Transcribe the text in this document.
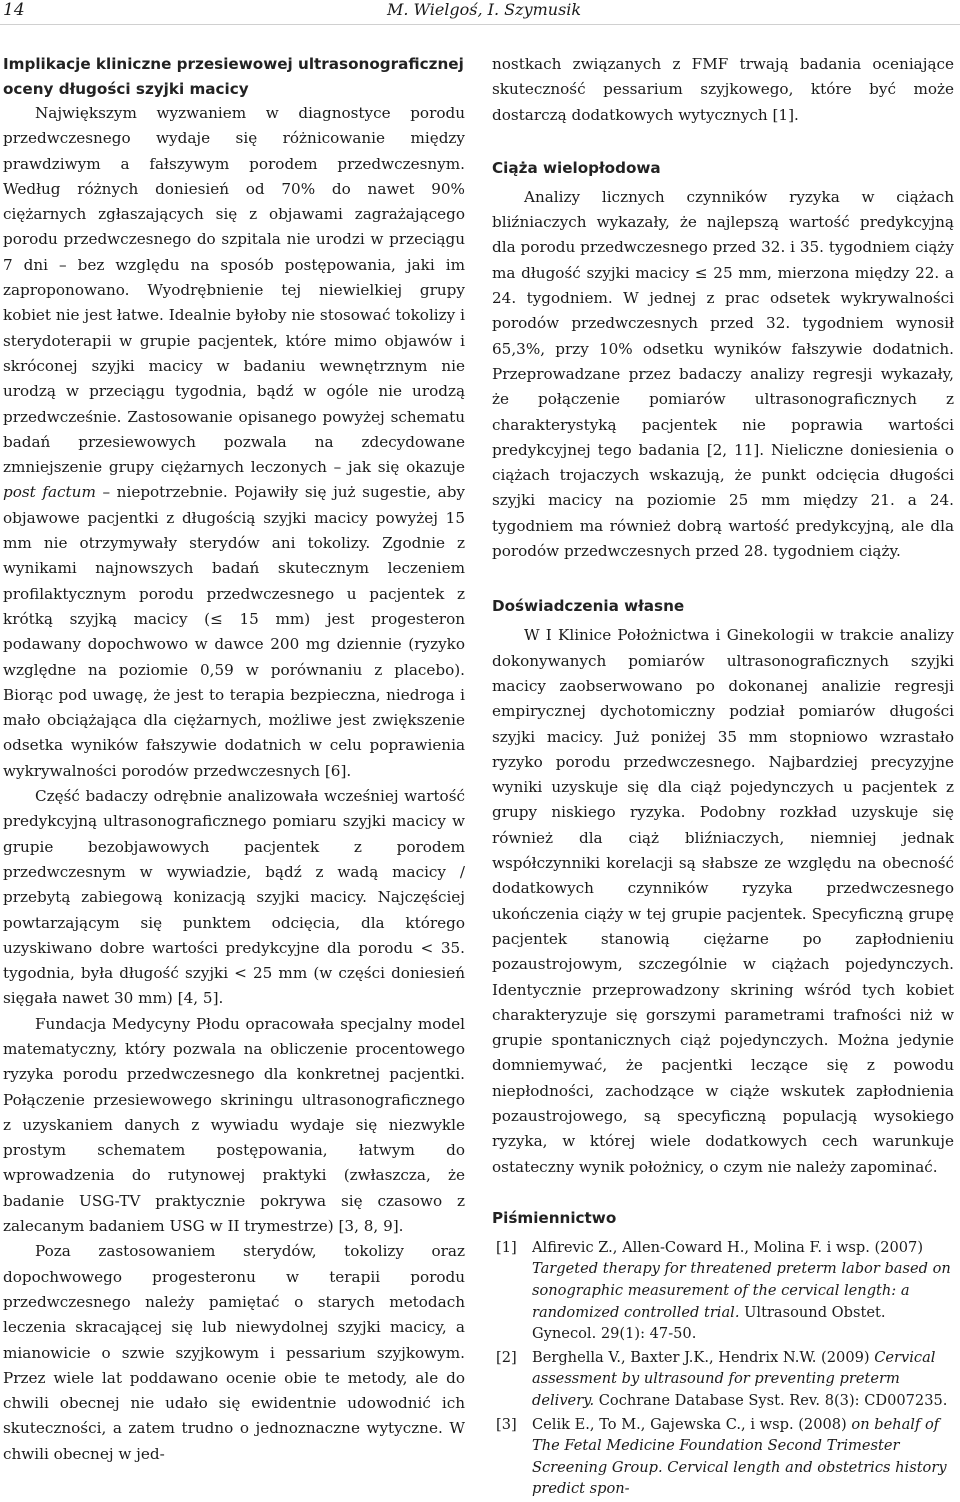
14	M. Wielgoś, I. Szymusik
Implikacje kliniczne przesiewowej ultrasonograficznej oceny długości szyjki macicy

Największym wyzwaniem w diagnostyce porodu przedwczesnego wydaje się różnicowanie między prawdziwym a fałszywym porodem przedwczesnym. Według różnych doniesień od 70% do nawet 90% ciężarnych zgłaszających się z objawami zagrażającego porodu przedwczesnego do szpitala nie urodzi w przeciągu 7 dni – bez względu na sposób postępowania, jaki im zaproponowano. Wyodrębnienie tej niewielkiej grupy kobiet nie jest łatwe. Idealnie byłoby nie stosować tokolizy i sterydoterapii w grupie pacjentek, które mimo objawów i skróconej szyjki macicy w badaniu wewnętrznym nie urodzą w przeciągu tygodnia, bądź w ogóle nie urodzą przedwcześnie. Zastosowanie opisanego powyżej schematu badań przesiewowych pozwala na zdecydowane zmniejszenie grupy ciężarnych leczonych – jak się okazuje post factum – niepotrzebnie. Pojawiły się już sugestie, aby objawowe pacjentki z długością szyjki macicy powyżej 15 mm nie otrzymywały sterydów ani tokolizy. Zgodnie z wynikami najnowszych badań skutecznym leczeniem profilaktycznym porodu przedwczesnego u pacjentek z krótką szyjką macicy (≤ 15 mm) jest progesteron podawany dopochwowo w dawce 200 mg dziennie (ryzyko względne na poziomie 0,59 w porównaniu z placebo). Biorąc pod uwagę, że jest to terapia bezpieczna, niedroga i mało obciążająca dla ciężarnych, możliwe jest zwiększenie odsetka wyników fałszywie dodatnich w celu poprawienia wykrywalności porodów przedwczesnych [6].

Część badaczy odrębnie analizowała wcześniej wartość predykcyjną ultrasonograficznego pomiaru szyjki macicy w grupie bezobjawowych pacjentek z porodem przedwczesnym w wywiadzie, bądź z wadą macicy / przebytą zabiegową konizacją szyjki macicy. Najczęściej powtarzającym się punktem odcięcia, dla którego uzyskiwano dobre wartości predykcyjne dla porodu < 35. tygodnia, była długość szyjki < 25 mm (w części doniesień sięgała nawet 30 mm) [4, 5].

Fundacja Medycyny Płodu opracowała specjalny model matematyczny, który pozwala na obliczenie procentowego ryzyka porodu przedwczesnego dla konkretnej pacjentki. Połączenie przesiewowego skriningu ultrasonograficznego z uzyskaniem danych z wywiadu wydaje się niezwykle prostym schematem postępowania, łatwym do wprowadzenia do rutynowej praktyki (zwłaszcza, że badanie USG-TV praktycznie pokrywa się czasowo z zalecanym badaniem USG w II trymestrze) [3, 8, 9].

Poza zastosowaniem sterydów, tokolizy oraz dopochwowego progesteronu w terapii porodu przedwczesnego należy pamiętać o starych metodach leczenia skracającej się lub niewydolnej szyjki macicy, a mianowicie o szwie szyjkowym i pessarium szyjkowym. Przez wiele lat poddawano ocenie obie te metody, ale do chwili obecnej nie udało się ewidentnie udowodnić ich skuteczności, a zatem trudno o jednoznaczne wytyczne. W chwili obecnej w jed-

nostkach związanych z FMF trwają badania oceniające skuteczność pessarium szyjkowego, które być może dostarczą dodatkowych wytycznych [1].

Ciąża wielopłodowa

Analizy licznych czynników ryzyka w ciążach bliźniaczych wykazały, że najlepszą wartość predykcyjną dla porodu przedwczesnego przed 32. i 35. tygodniem ciąży ma długość szyjki macicy ≤ 25 mm, mierzona między 22. a 24. tygodniem. W jednej z prac odsetek wykrywalności porodów przedwczesnych przed 32. tygodniem wynosił 65,3%, przy 10% odsetku wyników fałszywie dodatnich. Przeprowadzane przez badaczy analizy regresji wykazały, że połączenie pomiarów ultrasonograficznych z charakterystyką pacjentek nie poprawia wartości predykcyjnej tego badania [2, 11]. Nieliczne doniesienia o ciążach trojaczych wskazują, że punkt odcięcia długości szyjki macicy na poziomie 25 mm między 21. a 24. tygodniem ma również dobrą wartość predykcyjną, ale dla porodów przedwczesnych przed 28. tygodniem ciąży.

Doświadczenia własne

W I Klinice Położnictwa i Ginekologii w trakcie analizy dokonywanych pomiarów ultrasonograficznych szyjki macicy zaobserwowano po dokonanej analizie regresji empirycznej dychotomiczny podział pomiarów długości szyjki macicy. Już poniżej 35 mm stopniowo wzrastało ryzyko porodu przedwczesnego. Najbardziej precyzyjne wyniki uzyskuje się dla ciąż pojedynczych u pacjentek z grupy niskiego ryzyka. Podobny rozkład uzyskuje się również dla ciąż bliźniaczych, niemniej jednak współczynniki korelacji są słabsze ze względu na obecność dodatkowych czynników ryzyka przedwczesnego ukończenia ciąży w tej grupie pacjentek. Specyficzną grupę pacjentek stanowią ciężarne po zapłodnieniu pozaustrojowym, szczególnie w ciążach pojedynczych. Identycznie przeprowadzony skrining wśród tych kobiet charakteryzuje się gorszymi parametrami trafności niż w grupie spontanicznych ciąż pojedynczych. Można jedynie domniemywać, że pacjentki leczące się z powodu niepłodności, zachodzące w ciąże wskutek zapłodnienia pozaustrojowego, są specyficzną populacją wysokiego ryzyka, w której wiele dodatkowych cech warunkuje ostateczny wynik położnicy, o czym nie należy zapominać.

Piśmiennictwo
[1]	Alfirevic Z., Allen-Coward H., Molina F. i wsp. (2007) Targeted therapy for threatened preterm labor based on sonographic measurement of the cervical length: a randomized controlled trial. Ultrasound Obstet. Gynecol. 29(1): 47-50.
[2]	Berghella V., Baxter J.K., Hendrix N.W. (2009) Cervical assessment by ultrasound for preventing preterm delivery. Cochrane Database Syst. Rev. 8(3): CD007235.
[3]	Celik E., To M., Gajewska C., i wsp. (2008) on behalf of The Fetal Medicine Foundation Second Trimester Screening Group. Cervical length and obstetrics history predict spon-
